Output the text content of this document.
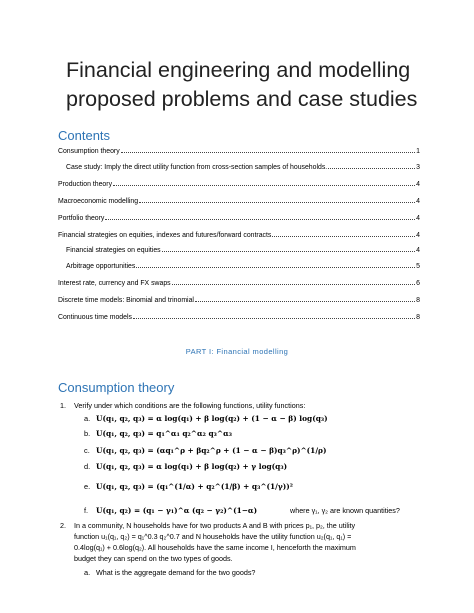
Financial engineering and modelling
proposed problems and case studies
Contents
Consumption theory	1
Case study: Imply the direct utility function from cross-section samples of households.	3
Production theory	4
Macroeconomic modelling	4
Portfolio theory	4
Financial strategies on equities, indexes and futures/forward contracts	4
Financial strategies on equities	4
Arbitrage opportunities	5
Interest rate, currency and FX swaps	6
Discrete time models: Binomial and trinomial	8
Continuous time models	8
PART I: Financial modelling
Consumption theory
1. Verify under which conditions are the following functions, utility functions:
a. U(q₁, q₂, q₃) = α log(q₁) + β log(q₂) + (1 − α − β) log(q₃)
b. U(q₁, q₂, q₃) = q₁^α₁ q₂^α₂ q₃^α₃
c. U(q₁, q₂, q₃) = (αq₁^ρ + βq₂^ρ + (1 − α − β)q₃^ρ)^(1/ρ)
d. U(q₁, q₂, q₃) = α log(q₁) + β log(q₂) + γ log(q₃)
e. U(q₁, q₂, q₃) = (q₁^(1/α) + q₂^(1/β) + q₃^(1/γ))²
f. U(q₁, q₂) = (q₁ − γ₁)^α (q₂ − γ₂)^(1−α)	where γ₁, γ₂ are known quantities?
2. In a community, N households have for two products A and B with prices p₁, p₂, the utility
function u₁(q₁, q₂) = q₁^0.3 q₂^0.7 and N households have the utility function u₂(q₁, q₁) =
0.4log(q₁) + 0.6log(q₂). All households have the same income I, henceforth the maximum
budget they can spend on the two types of goods.
a. What is the aggregate demand for the two goods?
